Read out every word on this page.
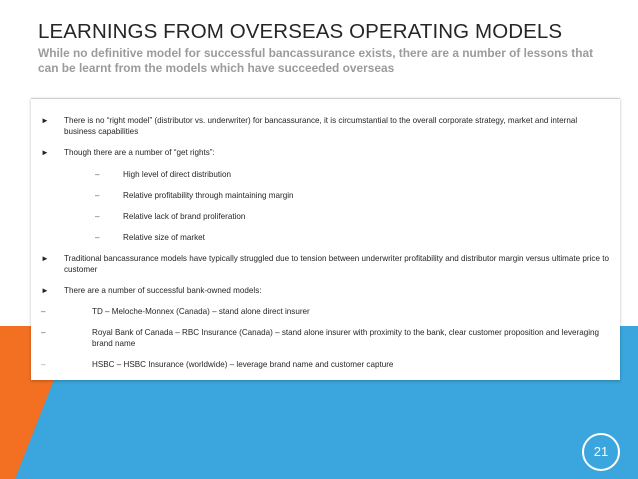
LEARNINGS FROM OVERSEAS OPERATING MODELS
While no definitive model for successful bancassurance exists, there are a number of lessons that can be learnt from the models which have succeeded overseas
►	There is no “right model” (distributor vs. underwriter) for bancassurance, it is circumstantial to the overall corporate strategy, market and internal business capabilities
►	Though there are a number of “get rights”:
–	High level of direct distribution
–	Relative profitability through maintaining margin
–	Relative lack of brand proliferation
–	Relative size of market
►	Traditional bancassurance models have typically struggled due to tension between underwriter profitability and distributor margin versus ultimate price to customer
►	There are a number of successful bank-owned models:
–	TD – Meloche-Monnex (Canada) – stand alone direct insurer
–	Royal Bank of Canada – RBC Insurance (Canada) – stand alone insurer with proximity to the bank, clear customer proposition and leveraging brand name
–	HSBC – HSBC Insurance (worldwide) – leverage brand name and customer capture
21
